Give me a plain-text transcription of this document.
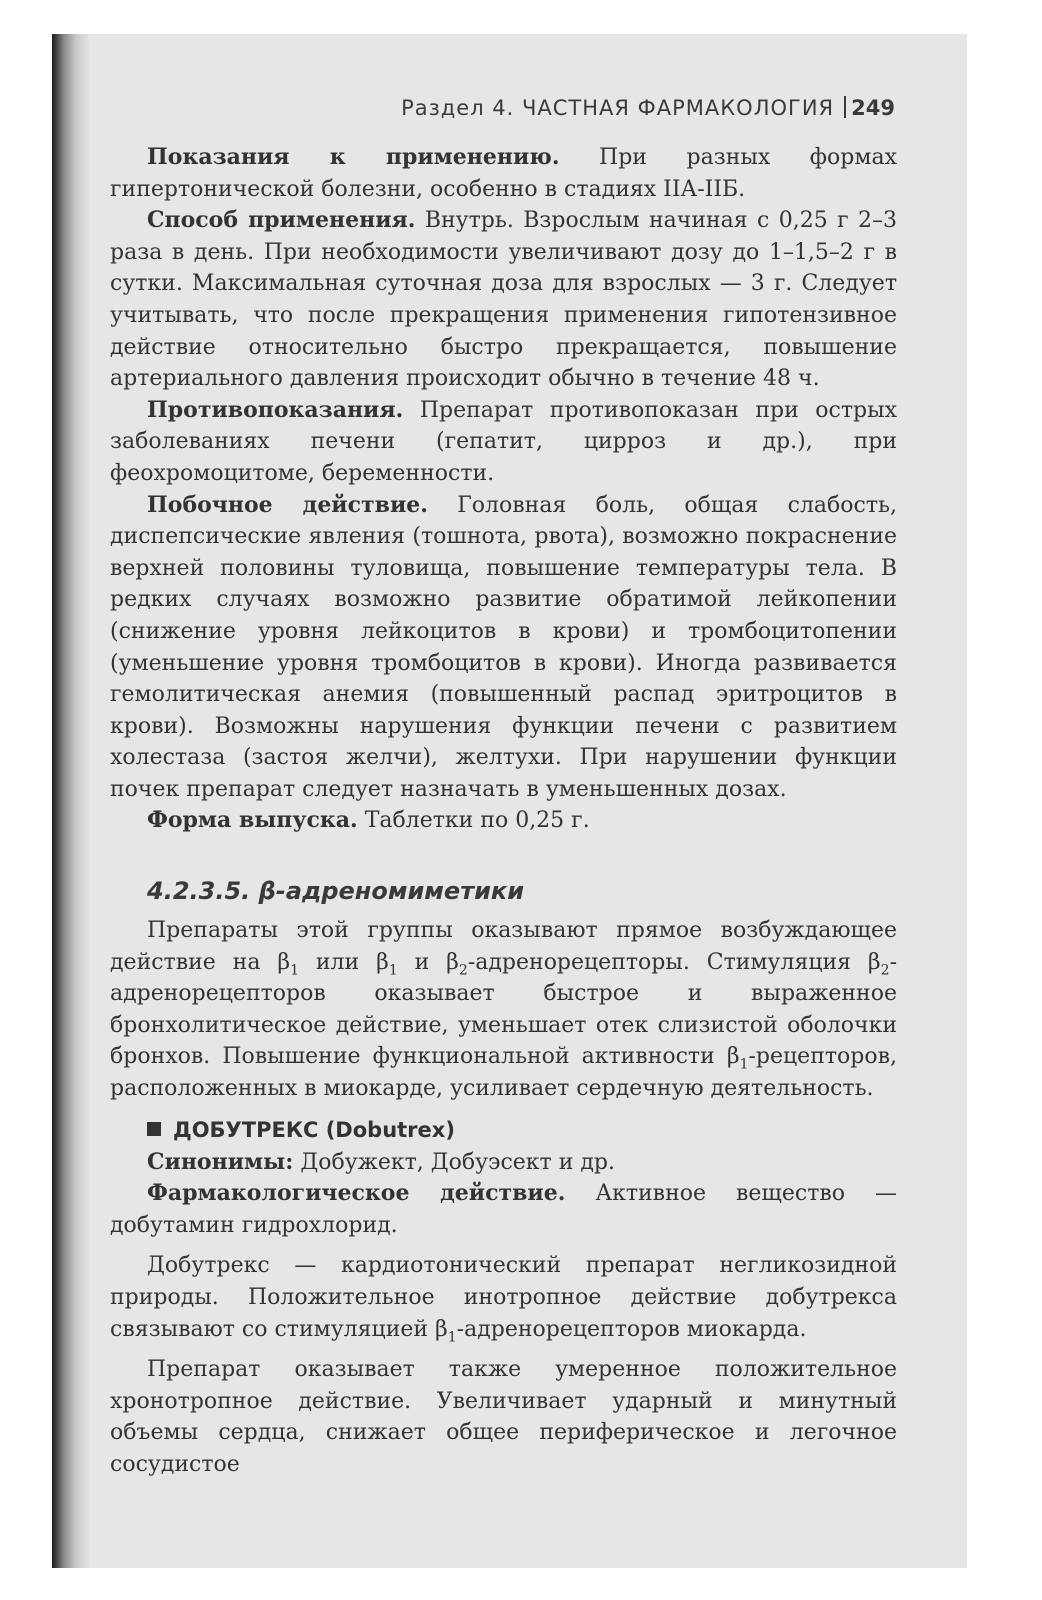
Раздел 4. ЧАСТНАЯ ФАРМАКОЛОГИЯ 249

Показания к применению. При разных формах гипертонической болезни, особенно в стадиях IIА-IIБ.

Способ применения. Внутрь. Взрослым начиная с 0,25 г 2–3 раза в день. При необходимости увеличивают дозу до 1–1,5–2 г в сутки. Максимальная суточная доза для взрослых — 3 г. Следует учитывать, что после прекращения применения гипотензивное действие относительно быстро прекращается, повышение артериального давления происходит обычно в течение 48 ч.

Противопоказания. Препарат противопоказан при острых заболеваниях печени (гепатит, цирроз и др.), при феохромоцитоме, беременности.

Побочное действие. Головная боль, общая слабость, диспепсические явления (тошнота, рвота), возможно покраснение верхней половины туловища, повышение температуры тела. В редких случаях возможно развитие обратимой лейкопении (снижение уровня лейкоцитов в крови) и тромбоцитопении (уменьшение уровня тромбоцитов в крови). Иногда развивается гемолитическая анемия (повышенный распад эритроцитов в крови). Возможны нарушения функции печени с развитием холестаза (застоя желчи), желтухи. При нарушении функции почек препарат следует назначать в уменьшенных дозах.

Форма выпуска. Таблетки по 0,25 г.

4.2.3.5. β-адреномиметики

Препараты этой группы оказывают прямое возбуждающее действие на $\beta_1$ или $\beta_1$ и $\beta_2$-адренорецепторы. Стимуляция $\beta_2$-адренорецепторов оказывает быстрое и выраженное бронхолитическое действие, уменьшает отек слизистой оболочки бронхов. Повышение функциональной активности $\beta_1$-рецепторов, расположенных в миокарде, усиливает сердечную деятельность.

ДОБУТРЕКС (Dobutrex)

Синонимы: Добужект, Добуэсект и др.

Фармакологическое действие. Активное вещество — добутамин гидрохлорид.

Добутрекс — кардиотонический препарат негликозидной природы. Положительное инотропное действие добутрекса связывают со стимуляцией $\beta_1$-адренорецепторов миокарда.

Препарат оказывает также умеренное положительное хронотропное действие. Увеличивает ударный и минутный объемы сердца, снижает общее периферическое и легочное сосудистое
